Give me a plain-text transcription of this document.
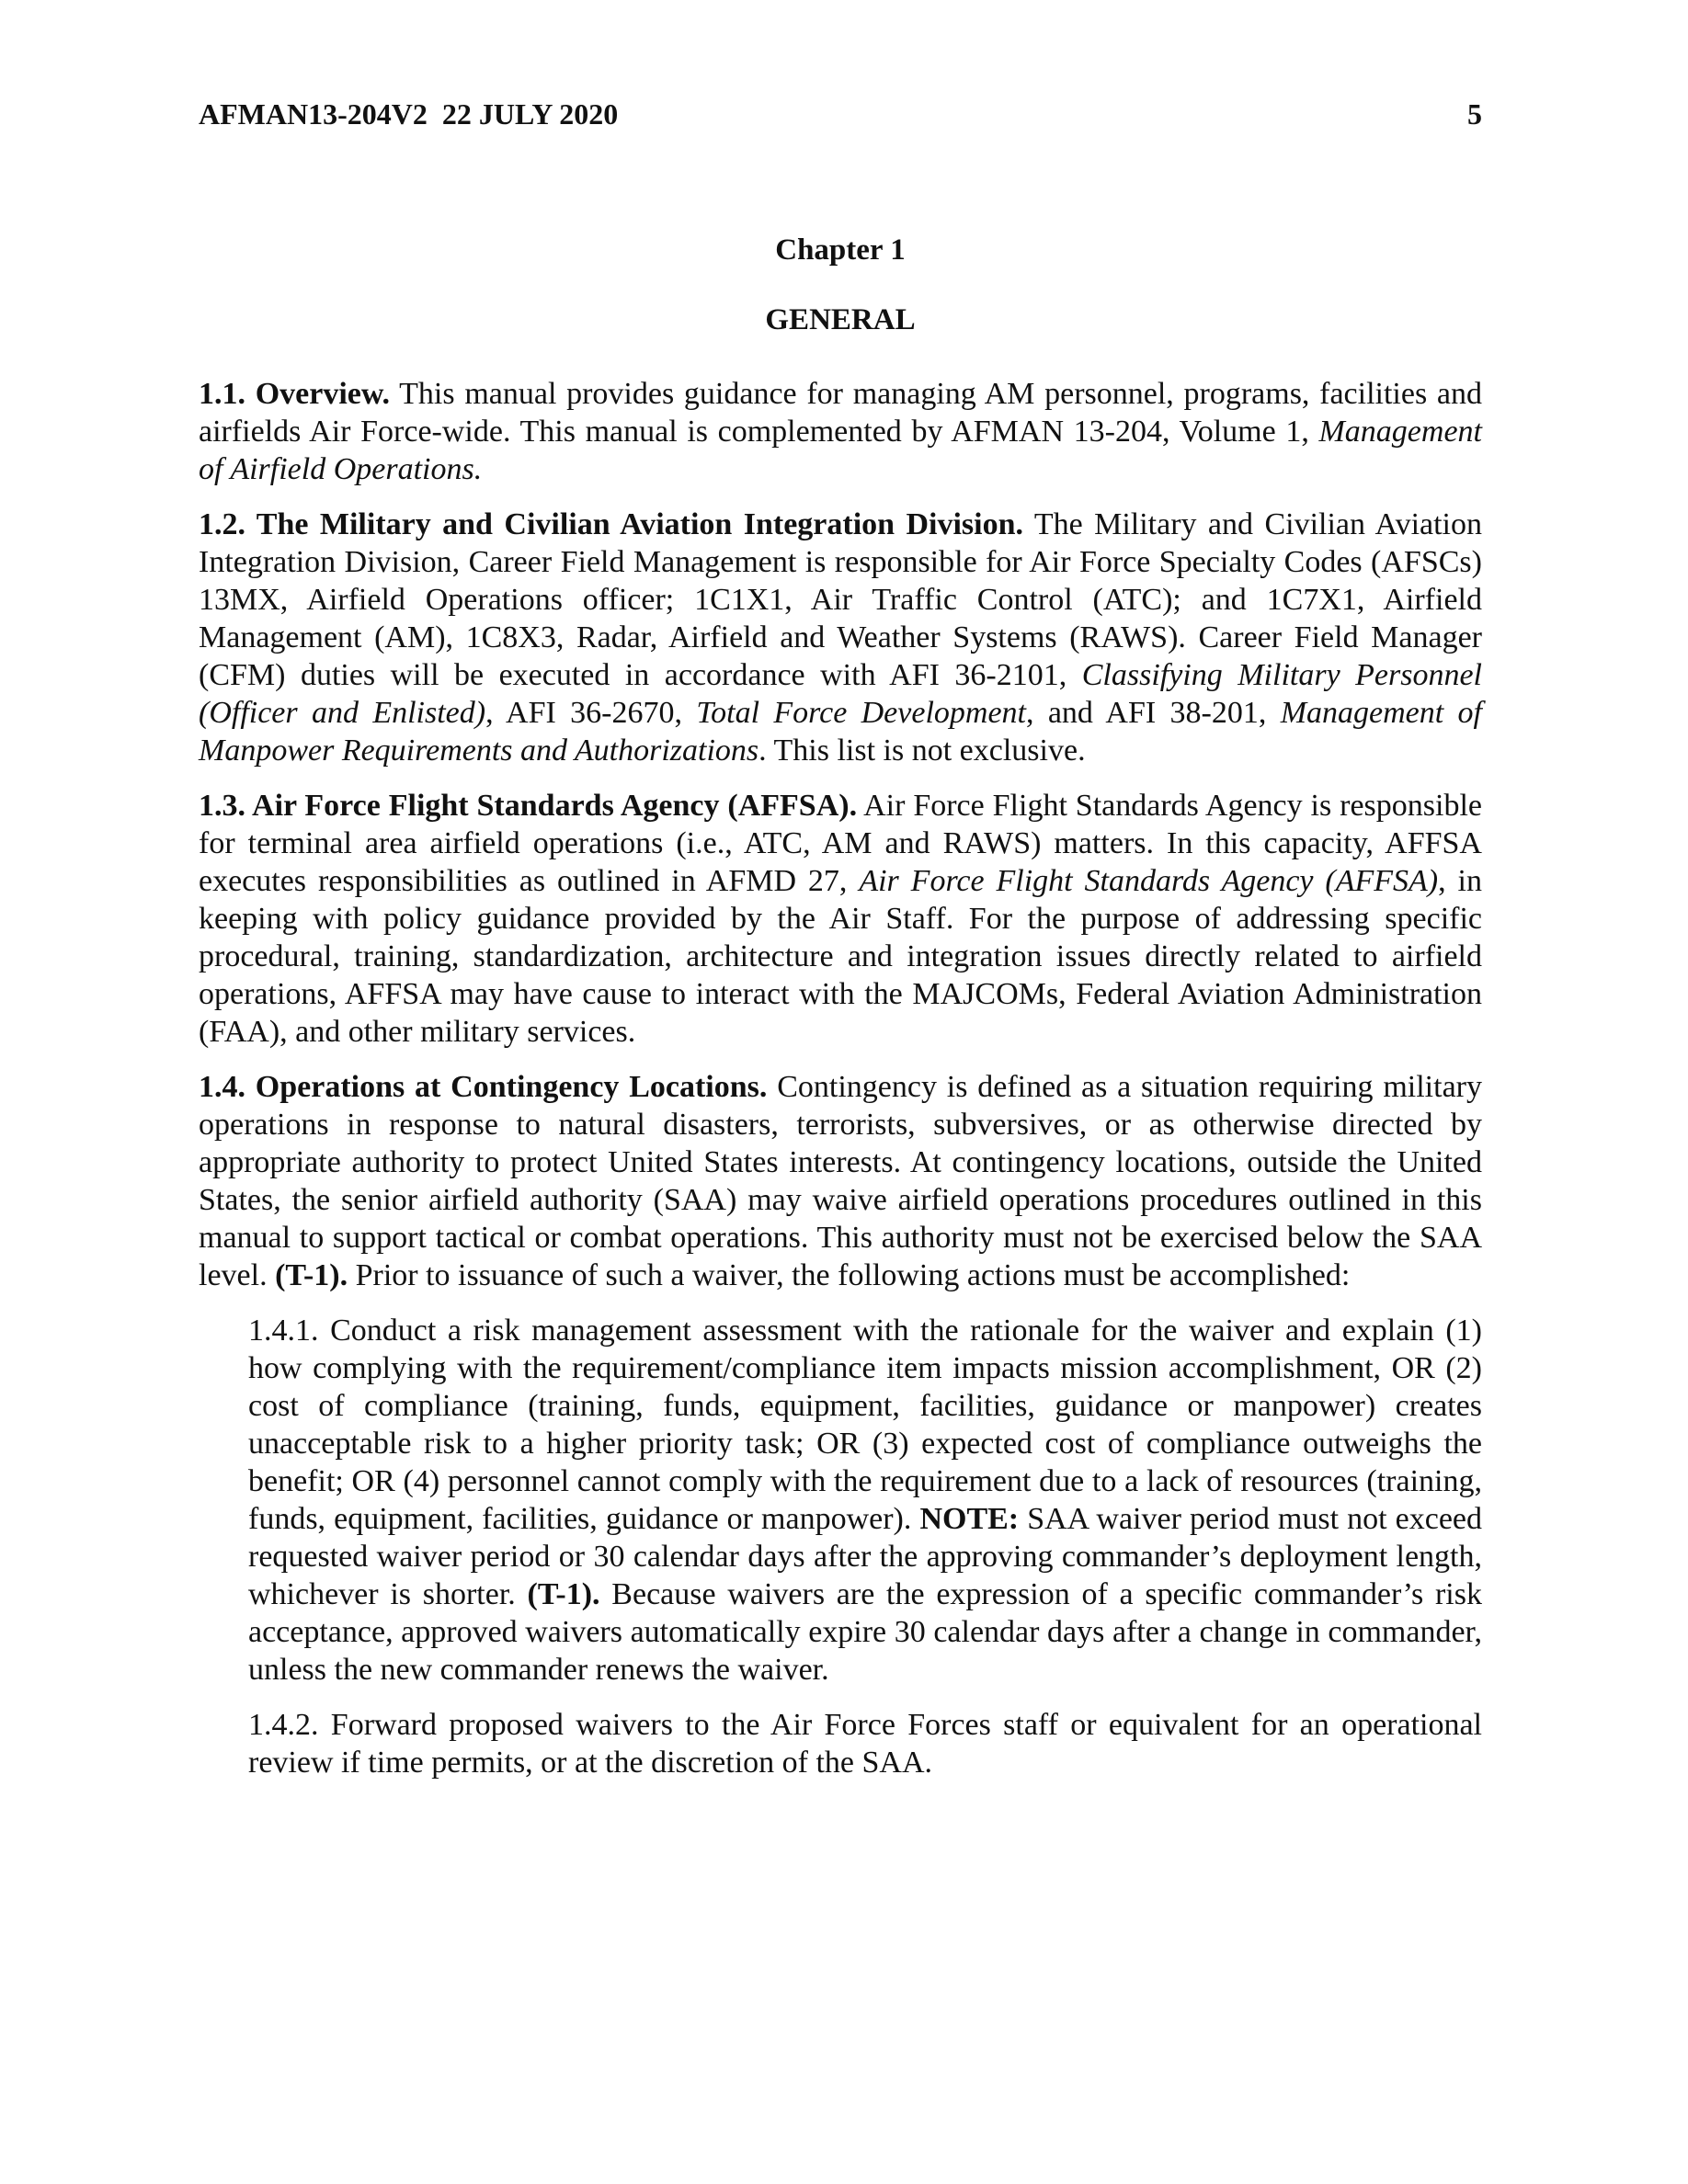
AFMAN13-204V2 22 JULY 2020	5
Chapter 1
GENERAL

1.1. Overview. This manual provides guidance for managing AM personnel, programs, facilities and airfields Air Force-wide. This manual is complemented by AFMAN 13-204, Volume 1, Management of Airfield Operations.

1.2. The Military and Civilian Aviation Integration Division. The Military and Civilian Aviation Integration Division, Career Field Management is responsible for Air Force Specialty Codes (AFSCs) 13MX, Airfield Operations officer; 1C1X1, Air Traffic Control (ATC); and 1C7X1, Airfield Management (AM), 1C8X3, Radar, Airfield and Weather Systems (RAWS). Career Field Manager (CFM) duties will be executed in accordance with AFI 36-2101, Classifying Military Personnel (Officer and Enlisted), AFI 36-2670, Total Force Development, and AFI 38-201, Management of Manpower Requirements and Authorizations. This list is not exclusive.

1.3. Air Force Flight Standards Agency (AFFSA). Air Force Flight Standards Agency is responsible for terminal area airfield operations (i.e., ATC, AM and RAWS) matters. In this capacity, AFFSA executes responsibilities as outlined in AFMD 27, Air Force Flight Standards Agency (AFFSA), in keeping with policy guidance provided by the Air Staff. For the purpose of addressing specific procedural, training, standardization, architecture and integration issues directly related to airfield operations, AFFSA may have cause to interact with the MAJCOMs, Federal Aviation Administration (FAA), and other military services.

1.4. Operations at Contingency Locations. Contingency is defined as a situation requiring military operations in response to natural disasters, terrorists, subversives, or as otherwise directed by appropriate authority to protect United States interests. At contingency locations, outside the United States, the senior airfield authority (SAA) may waive airfield operations procedures outlined in this manual to support tactical or combat operations. This authority must not be exercised below the SAA level. (T-1). Prior to issuance of such a waiver, the following actions must be accomplished:

1.4.1. Conduct a risk management assessment with the rationale for the waiver and explain (1) how complying with the requirement/compliance item impacts mission accomplishment, OR (2) cost of compliance (training, funds, equipment, facilities, guidance or manpower) creates unacceptable risk to a higher priority task; OR (3) expected cost of compliance outweighs the benefit; OR (4) personnel cannot comply with the requirement due to a lack of resources (training, funds, equipment, facilities, guidance or manpower). NOTE: SAA waiver period must not exceed requested waiver period or 30 calendar days after the approving commander’s deployment length, whichever is shorter. (T-1). Because waivers are the expression of a specific commander’s risk acceptance, approved waivers automatically expire 30 calendar days after a change in commander, unless the new commander renews the waiver.

1.4.2. Forward proposed waivers to the Air Force Forces staff or equivalent for an operational review if time permits, or at the discretion of the SAA.
